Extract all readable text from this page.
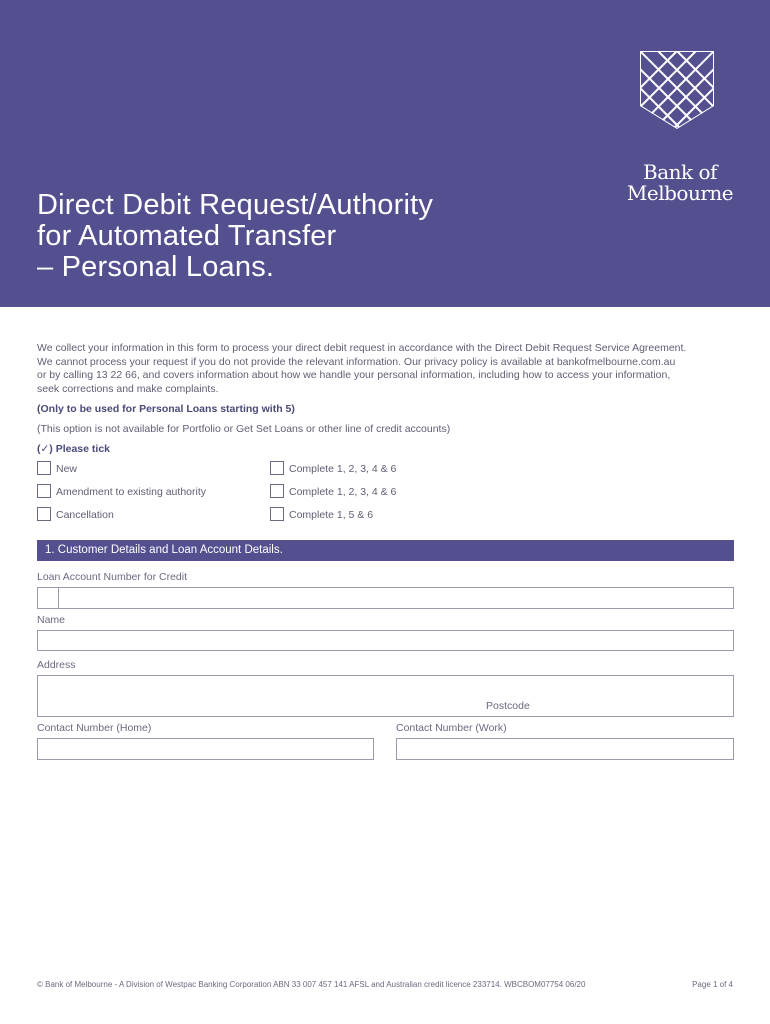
Direct Debit Request/Authority
for Automated Transfer
– Personal Loans.
Bank of
Melbourne
We collect your information in this form to process your direct debit request in accordance with the Direct Debit Request Service Agreement. We cannot process your request if you do not provide the relevant information. Our privacy policy is available at bankofmelbourne.com.au or by calling 13 22 66, and covers information about how we handle your personal information, including how to access your information, seek corrections and make complaints.
(Only to be used for Personal Loans starting with 5)
(This option is not available for Portfolio or Get Set Loans or other line of credit accounts)
(✓) Please tick
New	Complete 1, 2, 3, 4 & 6
Amendment to existing authority	Complete 1, 2, 3, 4 & 6
Cancellation	Complete 1, 5 & 6
1. Customer Details and Loan Account Details.
Loan Account Number for Credit
Name
Address
Postcode
Contact Number (Home)	Contact Number (Work)
© Bank of Melbourne - A Division of Westpac Banking Corporation ABN 33 007 457 141 AFSL and Australian credit licence 233714. WBCBOM07754 06/20	Page 1 of 4
